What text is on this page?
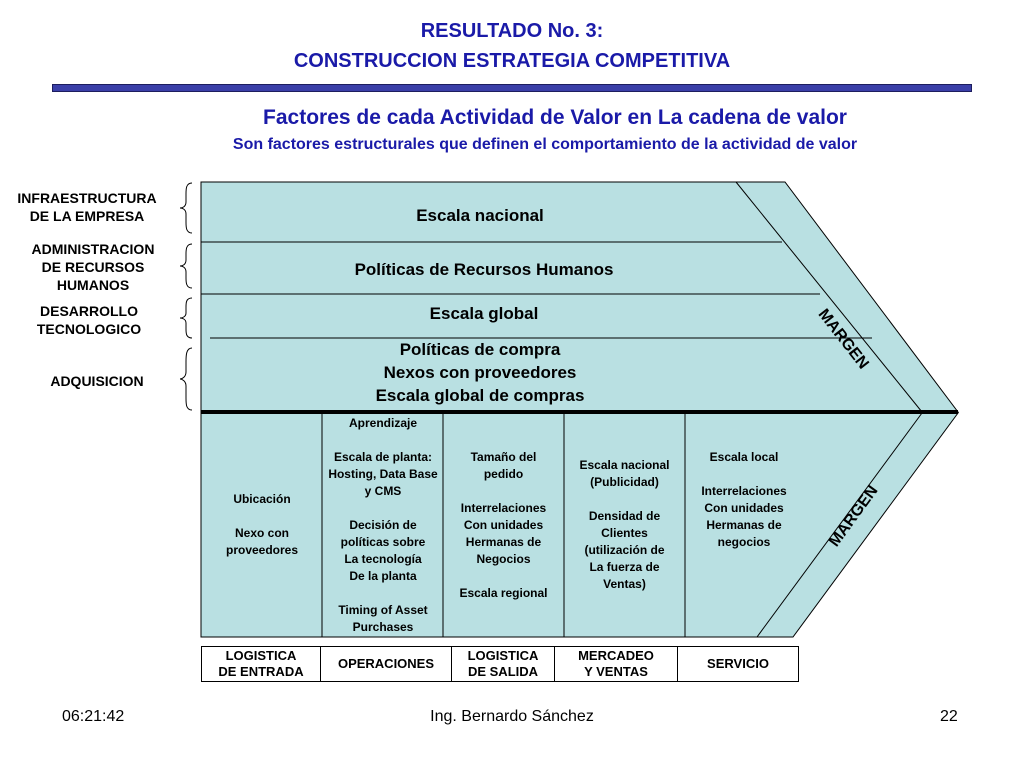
RESULTADO No. 3:
CONSTRUCCION ESTRATEGIA COMPETITIVA
Factores de cada Actividad de Valor en La cadena de valor
Son factores estructurales que definen el comportamiento de la actividad de valor
INFRAESTRUCTURA
DE LA EMPRESA
ADMINISTRACION
DE RECURSOS
HUMANOS
DESARROLLO
TECNOLOGICO
ADQUISICION
Escala nacional
Políticas de Recursos Humanos
Escala global
Políticas de compra
Nexos con proveedores
Escala global de compras
MARGEN
MARGEN
Ubicación
Nexo con
proveedores
Aprendizaje
Escala de planta:
Hosting, Data Base
y CMS
Decisión de
políticas sobre
La tecnología
De la planta
Timing of Asset
Purchases
Tamaño del
pedido
Interrelaciones
Con unidades
Hermanas de
Negocios
Escala regional
Escala nacional
(Publicidad)
Densidad de
Clientes
(utilización de
La fuerza de
Ventas)
Escala local
Interrelaciones
Con unidades
Hermanas de
negocios
LOGISTICA
DE ENTRADA
OPERACIONES
LOGISTICA
DE SALIDA
MERCADEO
Y VENTAS
SERVICIO
06:21:42	Ing. Bernardo Sánchez	22
